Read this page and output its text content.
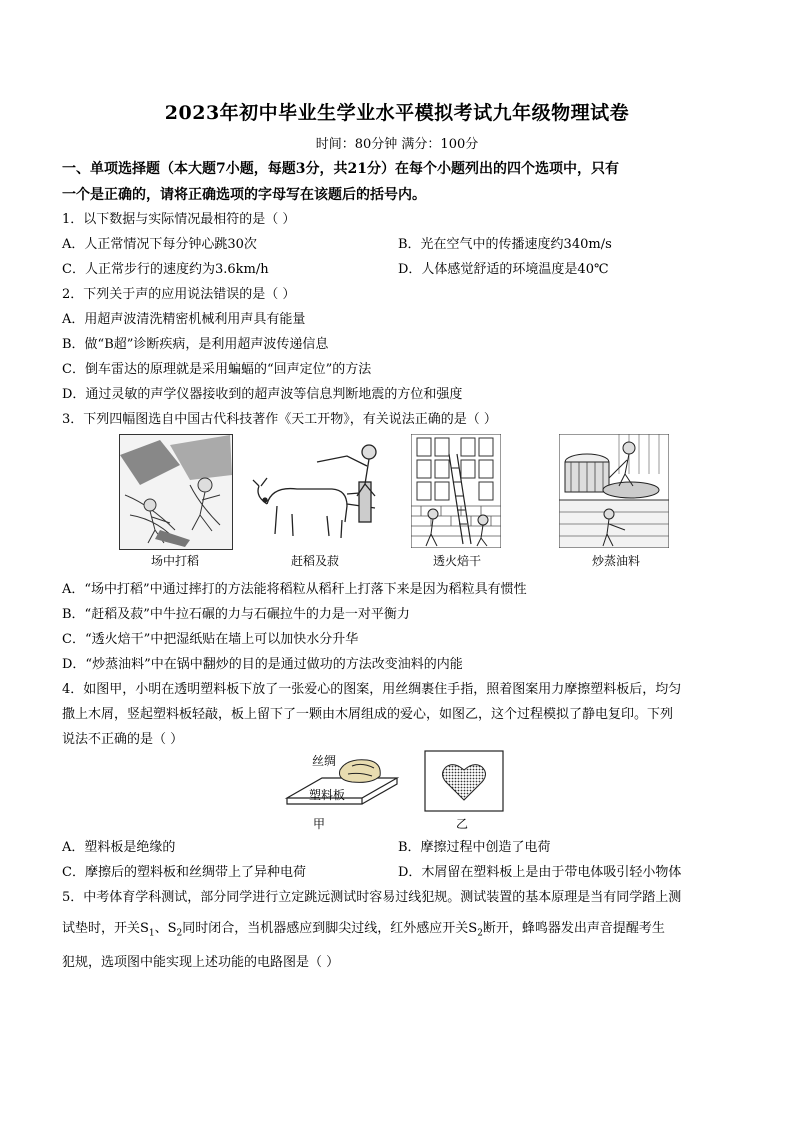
2023年初中毕业生学业水平模拟考试九年级物理试卷
时间：80分钟 满分：100分
一、单项选择题（本大题7小题，每题3分，共21分）在每个小题列出的四个选项中，只有
一个是正确的，请将正确选项的字母写在该题后的括号内。
1．以下数据与实际情况最相符的是（ ）
A．人正常情况下每分钟心跳30次	B．光在空气中的传播速度约340m/s
C．人正常步行的速度约为3.6km/h	D．人体感觉舒适的环境温度是40℃
2．下列关于声的应用说法错误的是（ ）
A．用超声波清洗精密机械利用声具有能量
B．做“B超”诊断疾病，是利用超声波传递信息
C．倒车雷达的原理就是采用蝙蝠的“回声定位”的方法
D．通过灵敏的声学仪器接收到的超声波等信息判断地震的方位和强度
3．下列四幅图选自中国古代科技著作《天工开物》，有关说法正确的是（ ）
场中打稻	赶稻及菽	透火焙干	炒蒸油料
A．“场中打稻”中通过摔打的方法能将稻粒从稻秆上打落下来是因为稻粒具有惯性
B．“赶稻及菽”中牛拉石碾的力与石碾拉牛的力是一对平衡力
C．“透火焙干”中把湿纸贴在墙上可以加快水分升华
D．“炒蒸油料”中在锅中翻炒的目的是通过做功的方法改变油料的内能
4．如图甲，小明在透明塑料板下放了一张爱心的图案，用丝绸裹住手指，照着图案用力摩擦塑料板后，均匀
撒上木屑，竖起塑料板轻敲，板上留下了一颗由木屑组成的爱心，如图乙，这个过程模拟了静电复印。下列
说法不正确的是（ ）
丝绸
塑料板
甲	乙
A．塑料板是绝缘的	B．摩擦过程中创造了电荷
C．摩擦后的塑料板和丝绸带上了异种电荷	D．木屑留在塑料板上是由于带电体吸引轻小物体
5．中考体育学科测试，部分同学进行立定跳远测试时容易过线犯规。测试装置的基本原理是当有同学踏上测
试垫时，开关$S_1$、$S_2$同时闭合，当机器感应到脚尖过线，红外感应开关$S_2$断开，蜂鸣器发出声音提醒考生
犯规，选项图中能实现上述功能的电路图是（ ）
